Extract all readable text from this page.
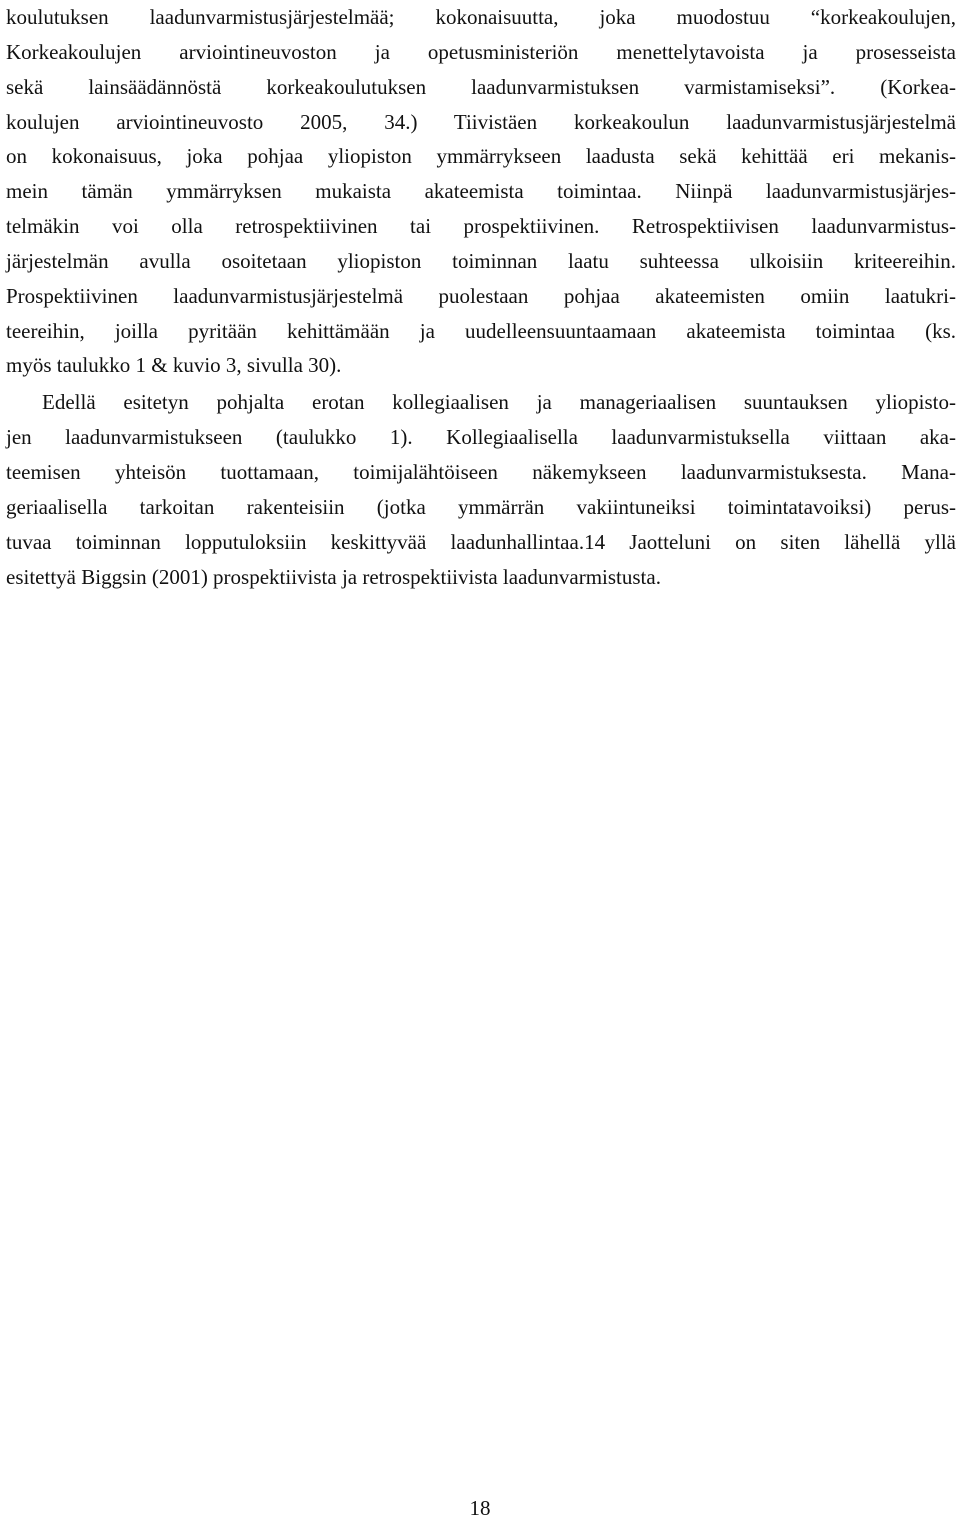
koulutuksen laadunvarmistusjärjestelmää; kokonaisuutta, joka muodostuu “korkeakoulujen,
Korkeakoulujen arviointineuvoston ja opetusministeriön menettelytavoista ja prosesseista
sekä lainsäädännöstä korkeakoulutuksen laadunvarmistuksen varmistamiseksi”. (Korkea-
koulujen arviointineuvosto 2005, 34.) Tiivistäen korkeakoulun laadunvarmistusjärjestelmä
on kokonaisuus, joka pohjaa yliopiston ymmärrykseen laadusta sekä kehittää eri mekanis-
mein tämän ymmärryksen mukaista akateemista toimintaa. Niinpä laadunvarmistusjärjes-
telmäkin voi olla retrospektiivinen tai prospektiivinen. Retrospektiivisen laadunvarmistus-
järjestelmän avulla osoitetaan yliopiston toiminnan laatu suhteessa ulkoisiin kriteereihin.
Prospektiivinen laadunvarmistusjärjestelmä puolestaan pohjaa akateemisten omiin laatukri-
teereihin, joilla pyritään kehittämään ja uudelleensuuntaamaan akateemista toimintaa (ks.
myös taulukko 1 & kuvio 3, sivulla 30).
Edellä esitetyn pohjalta erotan kollegiaalisen ja manageriaalisen suuntauksen yliopisto-
jen laadunvarmistukseen (taulukko 1). Kollegiaalisella laadunvarmistuksella viittaan aka-
teemisen yhteisön tuottamaan, toimijalähtöiseen näkemykseen laadunvarmistuksesta. Mana-
geriaalisella tarkoitan rakenteisiin (jotka ymmärrän vakiintuneiksi toimintatavoiksi) perus-
tuvaa toiminnan lopputuloksiin keskittyvää laadunhallintaa.14 Jaotteluni on siten lähellä yllä
esitettyä Biggsin (2001) prospektiivista ja retrospektiivista laadunvarmistusta.
18
